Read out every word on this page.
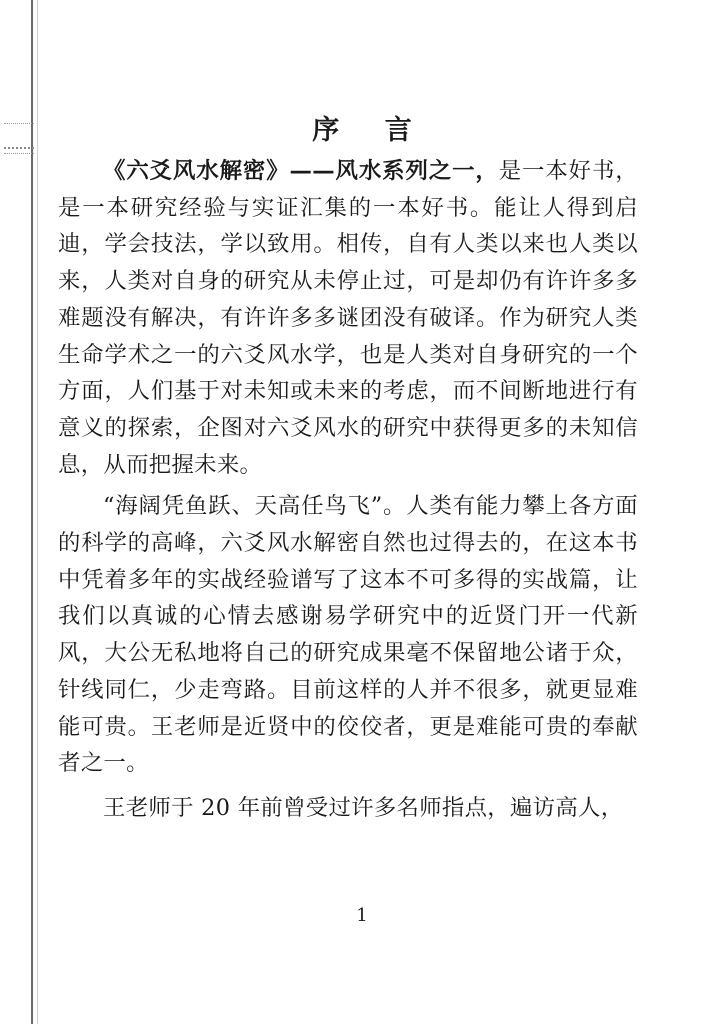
序 言

《六爻风水解密》——风水系列之一，是一本好书，是一本研究经验与实证汇集的一本好书。能让人得到启迪，学会技法，学以致用。相传，自有人类以来也人类以来，人类对自身的研究从未停止过，可是却仍有许许多多难题没有解决，有许许多多谜团没有破译。作为研究人类生命学术之一的六爻风水学，也是人类对自身研究的一个方面，人们基于对未知或未来的考虑，而不间断地进行有意义的探索，企图对六爻风水的研究中获得更多的未知信息，从而把握未来。

“海阔凭鱼跃、天高任鸟飞”。人类有能力攀上各方面的科学的高峰，六爻风水解密自然也过得去的，在这本书中凭着多年的实战经验谱写了这本不可多得的实战篇，让我们以真诚的心情去感谢易学研究中的近贤门开一代新风，大公无私地将自己的研究成果毫不保留地公诸于众，针线同仁，少走弯路。目前这样的人并不很多，就更显难能可贵。王老师是近贤中的佼佼者，更是难能可贵的奉献者之一。

王老师于 20 年前曾受过许多名师指点，遍访高人，

1
